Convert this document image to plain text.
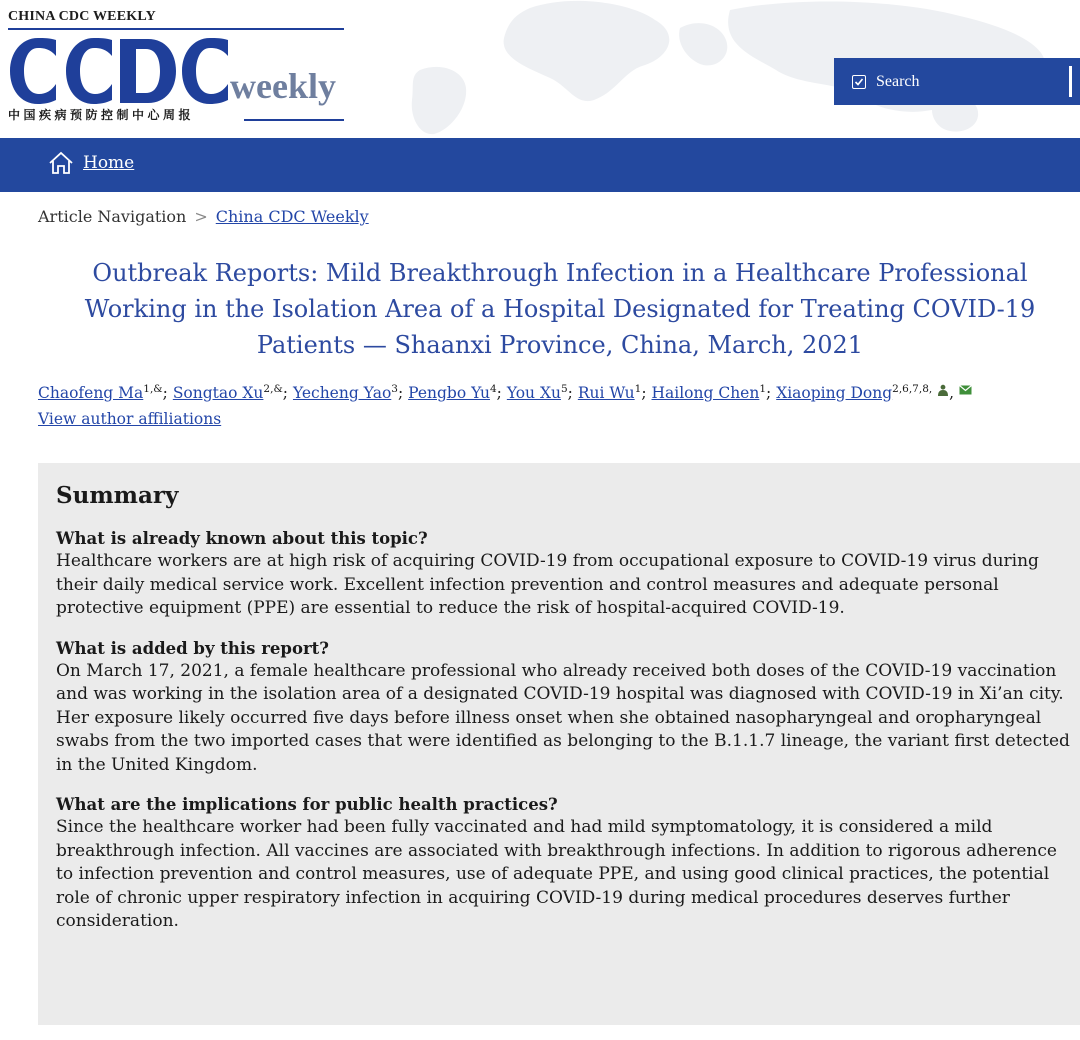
CHINA CDC WEEKLY
weekly
中国疾病预防控制中心周报
Search
Home
Article Navigation > China CDC Weekly
Outbreak Reports: Mild Breakthrough Infection in a Healthcare Professional Working in the Isolation Area of a Hospital Designated for Treating COVID-19 Patients — Shaanxi Province, China, March, 2021
Chaofeng $Ma^{1,\&}$; Songtao $Xu^{2,\&}$; Yecheng Yao$^3$; Pengbo Yu$^4$; You Xu$^5$; Rui Wu$^1$; Hailong Chen$^1$; Xiaoping Dong$^{2,6,7,8,}$ ,
View author affiliations
Summary

What is already known about this topic?

Healthcare workers are at high risk of acquiring COVID-19 from occupational exposure to COVID-19 virus during their daily medical service work. Excellent infection prevention and control measures and adequate personal protective equipment (PPE) are essential to reduce the risk of hospital-acquired COVID-19.

What is added by this report?

On March 17, 2021, a female healthcare professional who already received both doses of the COVID-19 vaccination and was working in the isolation area of a designated COVID-19 hospital was diagnosed with COVID-19 in Xi’an city. Her exposure likely occurred five days before illness onset when she obtained nasopharyngeal and oropharyngeal swabs from the two imported cases that were identified as belonging to the B.1.1.7 lineage, the variant first detected in the United Kingdom.

What are the implications for public health practices?

Since the healthcare worker had been fully vaccinated and had mild symptomatology, it is considered a mild breakthrough infection. All vaccines are associated with breakthrough infections. In addition to rigorous adherence to infection prevention and control measures, use of adequate PPE, and using good clinical practices, the potential role of chronic upper respiratory infection in acquiring COVID-19 during medical procedures deserves further consideration.
